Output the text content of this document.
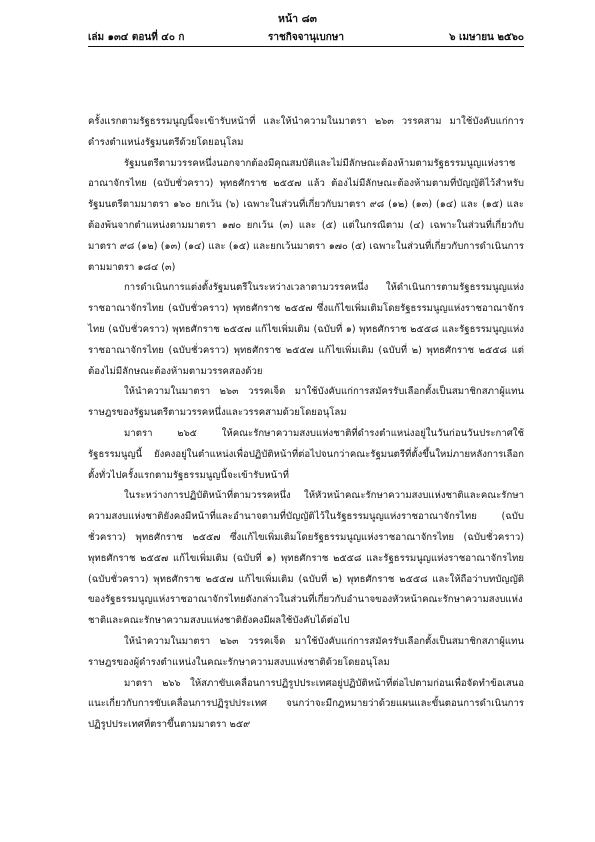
หน้า ๘๓
เล่ม ๑๓๔ ตอนที่ ๔๐ ก	ราชกิจจานุเบกษา	๖ เมษายน ๒๕๖๐

ครั้งแรกตามรัฐธรรมนูญนี้จะเข้ารับหน้าที่ และให้นำความในมาตรา ๒๖๓ วรรคสาม มาใช้บังคับแก่การดำรงตำแหน่งรัฐมนตรีด้วยโดยอนุโลม

รัฐมนตรีตามวรรคหนึ่งนอกจากต้องมีคุณสมบัติและไม่มีลักษณะต้องห้ามตามรัฐธรรมนูญแห่งราชอาณาจักรไทย (ฉบับชั่วคราว) พุทธศักราช ๒๕๕๗ แล้ว ต้องไม่มีลักษณะต้องห้ามตามที่บัญญัติไว้สำหรับรัฐมนตรีตามมาตรา ๑๖๐ ยกเว้น (๖) เฉพาะในส่วนที่เกี่ยวกับมาตรา ๙๘ (๑๒) (๑๓) (๑๔) และ (๑๕) และต้องพ้นจากตำแหน่งตามมาตรา ๑๗๐ ยกเว้น (๓) และ (๕) แต่ในกรณีตาม (๔) เฉพาะในส่วนที่เกี่ยวกับมาตรา ๙๘ (๑๒) (๑๓) (๑๔) และ (๑๕) และยกเว้นมาตรา ๑๗๐ (๕) เฉพาะในส่วนที่เกี่ยวกับการดำเนินการตามมาตรา ๑๘๔ (๓)

การดำเนินการแต่งตั้งรัฐมนตรีในระหว่างเวลาตามวรรคหนึ่ง ให้ดำเนินการตามรัฐธรรมนูญแห่งราชอาณาจักรไทย (ฉบับชั่วคราว) พุทธศักราช ๒๕๕๗ ซึ่งแก้ไขเพิ่มเติมโดยรัฐธรรมนูญแห่งราชอาณาจักรไทย (ฉบับชั่วคราว) พุทธศักราช ๒๕๕๗ แก้ไขเพิ่มเติม (ฉบับที่ ๑) พุทธศักราช ๒๕๕๘ และรัฐธรรมนูญแห่งราชอาณาจักรไทย (ฉบับชั่วคราว) พุทธศักราช ๒๕๕๗ แก้ไขเพิ่มเติม (ฉบับที่ ๒) พุทธศักราช ๒๕๕๘ แต่ต้องไม่มีลักษณะต้องห้ามตามวรรคสองด้วย

ให้นำความในมาตรา ๒๖๓ วรรคเจ็ด มาใช้บังคับแก่การสมัครรับเลือกตั้งเป็นสมาชิกสภาผู้แทนราษฎรของรัฐมนตรีตามวรรคหนึ่งและวรรคสามด้วยโดยอนุโลม

มาตรา ๒๖๕ ให้คณะรักษาความสงบแห่งชาติที่ดำรงตำแหน่งอยู่ในวันก่อนวันประกาศใช้รัฐธรรมนูญนี้ ยังคงอยู่ในตำแหน่งเพื่อปฏิบัติหน้าที่ต่อไปจนกว่าคณะรัฐมนตรีที่ตั้งขึ้นใหม่ภายหลังการเลือกตั้งทั่วไปครั้งแรกตามรัฐธรรมนูญนี้จะเข้ารับหน้าที่

ในระหว่างการปฏิบัติหน้าที่ตามวรรคหนึ่ง ให้หัวหน้าคณะรักษาความสงบแห่งชาติและคณะรักษาความสงบแห่งชาติยังคงมีหน้าที่และอำนาจตามที่บัญญัติไว้ในรัฐธรรมนูญแห่งราชอาณาจักรไทย (ฉบับชั่วคราว) พุทธศักราช ๒๕๕๗ ซึ่งแก้ไขเพิ่มเติมโดยรัฐธรรมนูญแห่งราชอาณาจักรไทย (ฉบับชั่วคราว) พุทธศักราช ๒๕๕๗ แก้ไขเพิ่มเติม (ฉบับที่ ๑) พุทธศักราช ๒๕๕๘ และรัฐธรรมนูญแห่งราชอาณาจักรไทย (ฉบับชั่วคราว) พุทธศักราช ๒๕๕๗ แก้ไขเพิ่มเติม (ฉบับที่ ๒) พุทธศักราช ๒๕๕๘ และให้ถือว่าบทบัญญัติของรัฐธรรมนูญแห่งราชอาณาจักรไทยดังกล่าวในส่วนที่เกี่ยวกับอำนาจของหัวหน้าคณะรักษาความสงบแห่งชาติและคณะรักษาความสงบแห่งชาติยังคงมีผลใช้บังคับได้ต่อไป

ให้นำความในมาตรา ๒๖๓ วรรคเจ็ด มาใช้บังคับแก่การสมัครรับเลือกตั้งเป็นสมาชิกสภาผู้แทนราษฎรของผู้ดำรงตำแหน่งในคณะรักษาความสงบแห่งชาติด้วยโดยอนุโลม

มาตรา ๒๖๖ ให้สภาขับเคลื่อนการปฏิรูปประเทศอยู่ปฏิบัติหน้าที่ต่อไปตามก่อนเพื่อจัดทำข้อเสนอแนะเกี่ยวกับการขับเคลื่อนการปฏิรูปประเทศ จนกว่าจะมีกฎหมายว่าด้วยแผนและขั้นตอนการดำเนินการปฏิรูปประเทศที่ตราขึ้นตามมาตรา ๒๕๙
